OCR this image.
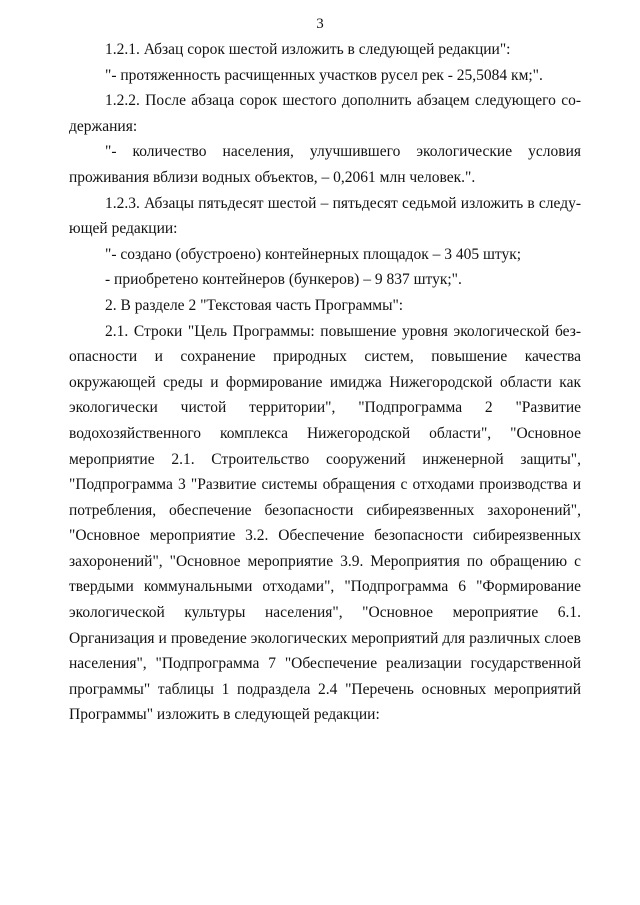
3

1.2.1. Абзац сорок шестой изложить в следующей редакции":

"- протяженность расчищенных участков русел рек - 25,5084 км;".

1.2.2. После абзаца сорок шестого дополнить абзацем следующего содержания:

"- количество населения, улучшившего экологические условия проживания вблизи водных объектов, – 0,2061 млн человек.".

1.2.3. Абзацы пятьдесят шестой – пятьдесят седьмой изложить в следующей редакции:

"- создано (обустроено) контейнерных площадок – 3 405 штук;

- приобретено контейнеров (бункеров) – 9 837 штук;".

2. В разделе 2 "Текстовая часть Программы":

2.1. Строки "Цель Программы: повышение уровня экологической безопасности и сохранение природных систем, повышение качества окружающей среды и формирование имиджа Нижегородской области как экологически чистой территории", "Подпрограмма 2 "Развитие водохозяйственного комплекса Нижегородской области", "Основное мероприятие 2.1. Строительство сооружений инженерной защиты", "Подпрограмма 3 "Развитие системы обращения с отходами производства и потребления, обеспечение безопасности сибиреязвенных захоронений", "Основное мероприятие 3.2. Обеспечение безопасности сибиреязвенных захоронений", "Основное мероприятие 3.9. Мероприятия по обращению с твердыми коммунальными отходами", "Подпрограмма 6 "Формирование экологической культуры населения", "Основное мероприятие 6.1. Организация и проведение экологических мероприятий для различных слоев населения", "Подпрограмма 7 "Обеспечение реализации государственной программы" таблицы 1 подраздела 2.4 "Перечень основных мероприятий Программы" изложить в следующей редакции:
